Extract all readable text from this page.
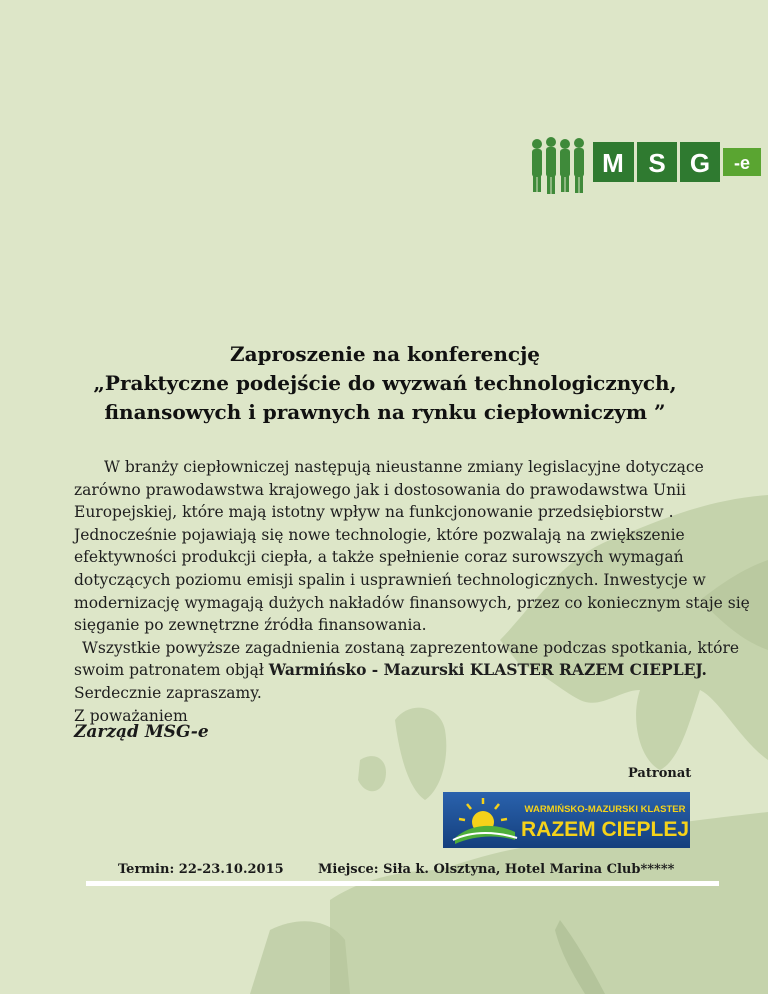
M S G -e
Zaproszenie na konferencję
„Praktyczne podejście do wyzwań technologicznych,
finansowych i prawnych na rynku ciepłowniczym ”

W branży ciepłowniczej następują nieustanne zmiany legislacyjne dotyczące zarówno prawodawstwa krajowego jak i dostosowania do prawodawstwa Unii Europejskiej, które mają istotny wpływ na funkcjonowanie przedsiębiorstw . Jednocześnie pojawiają się nowe technologie, które pozwalają na zwiększenie efektywności produkcji ciepła, a także spełnienie coraz surowszych wymagań dotyczących poziomu emisji spalin i usprawnień technologicznych. Inwestycje w modernizację wymagają dużych nakładów finansowych, przez co koniecznym staje się sięganie po zewnętrzne źródła finansowania.

Wszystkie powyższe zagadnienia zostaną zaprezentowane podczas spotkania, które swoim patronatem objął Warmińsko - Mazurski KLASTER RAZEM CIEPLEJ. Serdecznie zapraszamy.

Z poważaniem

Zarząd MSG-e
Patronat
WARMIŃSKO-MAZURSKI KLASTER
RAZEM CIEPLEJ
Termin: 22-23.10.2015	Miejsce: Siła k. Olsztyna, Hotel Marina Club*****
